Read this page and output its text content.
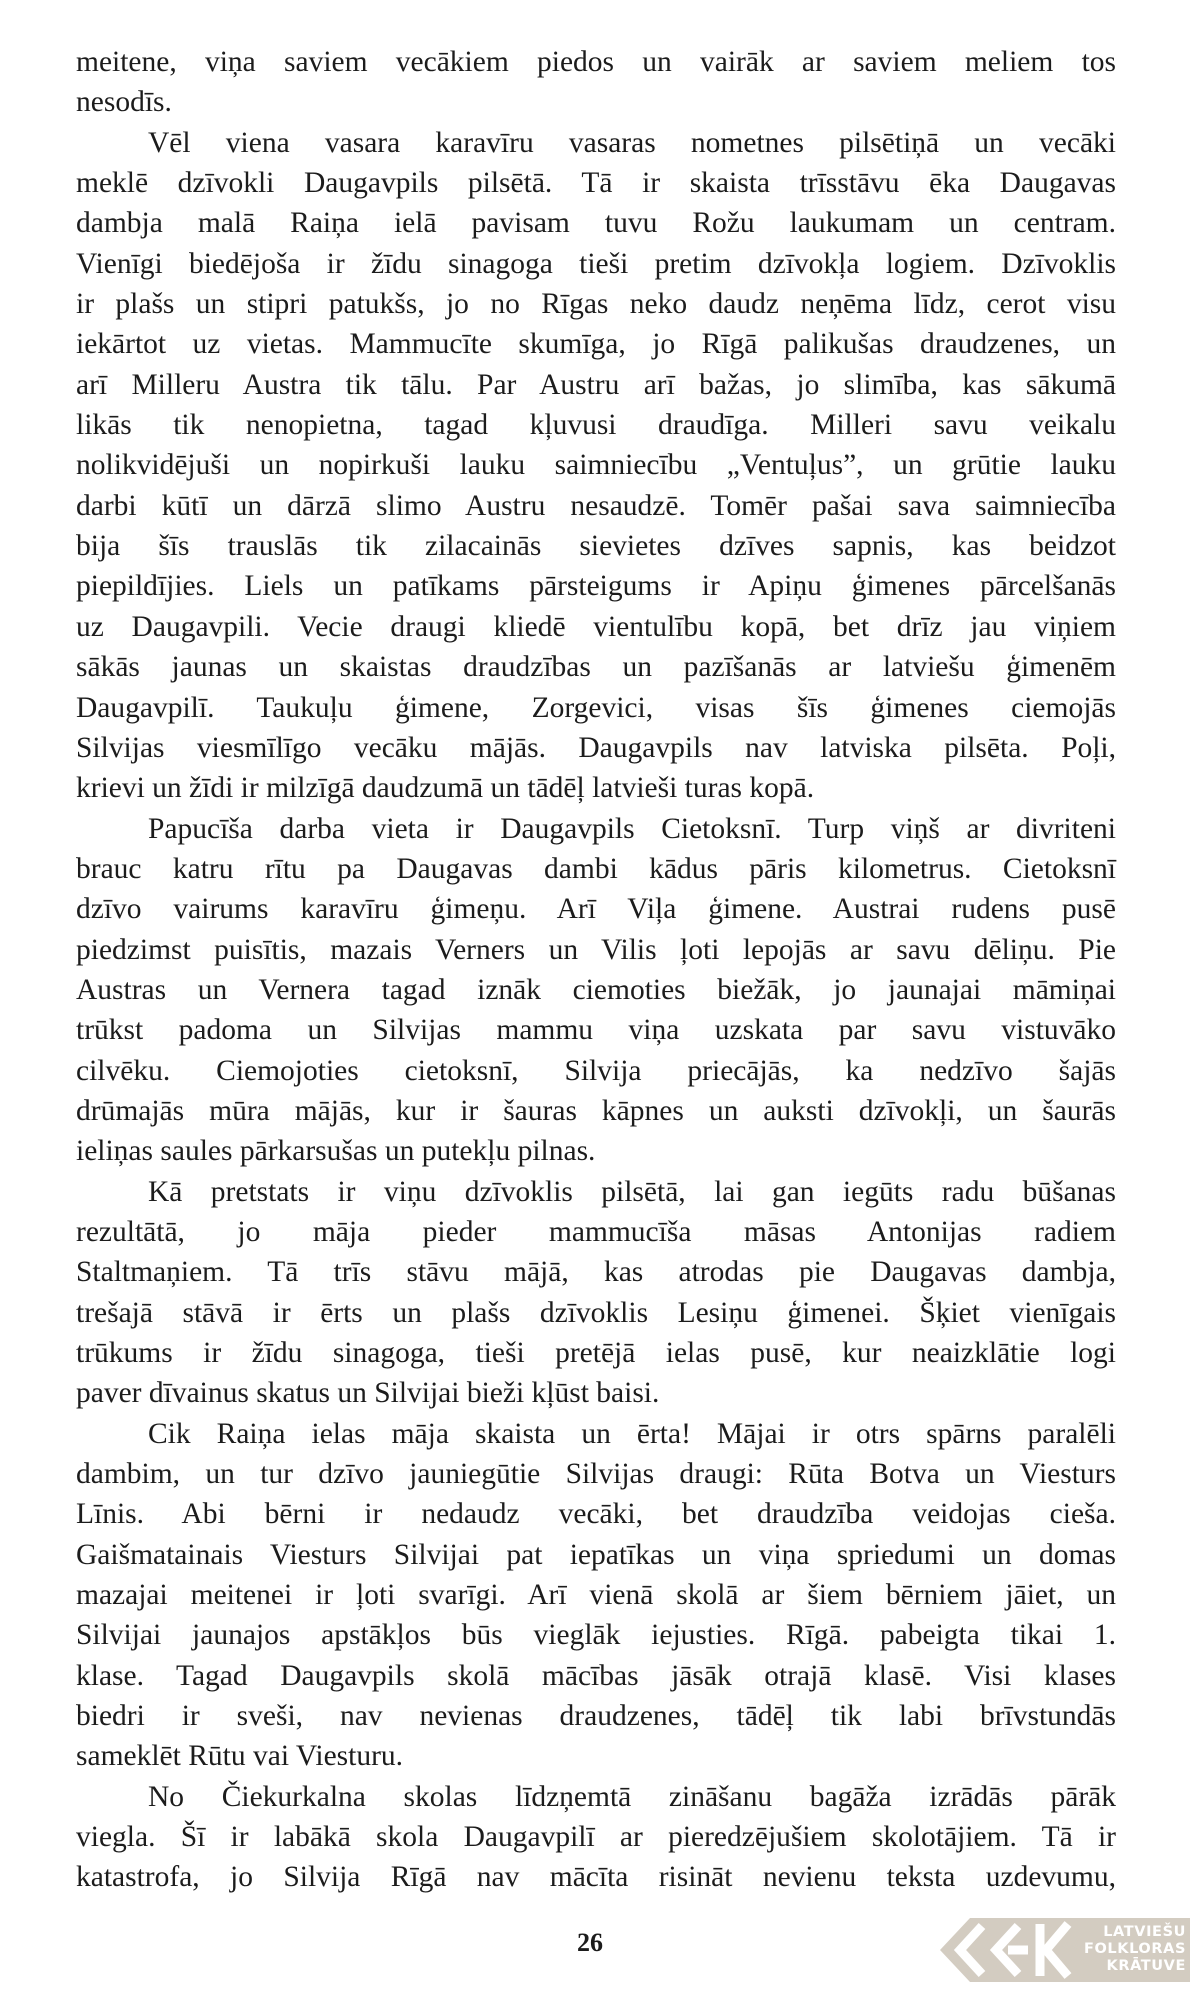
meitene, viņa saviem vecākiem piedos un vairāk ar saviem meliem tos
nesodīs.
Vēl viena vasara karavīru vasaras nometnes pilsētiņā un vecāki
meklē dzīvokli Daugavpils pilsētā. Tā ir skaista trīsstāvu ēka Daugavas
dambja malā Raiņa ielā pavisam tuvu Rožu laukumam un centram.
Vienīgi biedējoša ir žīdu sinagoga tieši pretim dzīvokļa logiem. Dzīvoklis
ir plašs un stipri patukšs, jo no Rīgas neko daudz neņēma līdz, cerot visu
iekārtot uz vietas. Mammucīte skumīga, jo Rīgā palikušas draudzenes, un
arī Milleru Austra tik tālu. Par Austru arī bažas, jo slimība, kas sākumā
likās tik nenopietna, tagad kļuvusi draudīga. Milleri savu veikalu
nolikvidējuši un nopirkuši lauku saimniecību „Ventuļus”, un grūtie lauku
darbi kūtī un dārzā slimo Austru nesaudzē. Tomēr pašai sava saimniecība
bija šīs trauslās tik zilacainās sievietes dzīves sapnis, kas beidzot
piepildījies. Liels un patīkams pārsteigums ir Apiņu ģimenes pārcelšanās
uz Daugavpili. Vecie draugi kliedē vientulību kopā, bet drīz jau viņiem
sākās jaunas un skaistas draudzības un pazīšanās ar latviešu ģimenēm
Daugavpilī. Taukuļu ģimene, Zorgevici, visas šīs ģimenes ciemojās
Silvijas viesmīlīgo vecāku mājās. Daugavpils nav latviska pilsēta. Poļi,
krievi un žīdi ir milzīgā daudzumā un tādēļ latvieši turas kopā.
Papucīša darba vieta ir Daugavpils Cietoksnī. Turp viņš ar divriteni
brauc katru rītu pa Daugavas dambi kādus pāris kilometrus. Cietoksnī
dzīvo vairums karavīru ģimeņu. Arī Viļa ģimene. Austrai rudens pusē
piedzimst puisītis, mazais Verners un Vilis ļoti lepojās ar savu dēliņu. Pie
Austras un Vernera tagad iznāk ciemoties biežāk, jo jaunajai māmiņai
trūkst padoma un Silvijas mammu viņa uzskata par savu vistuvāko
cilvēku. Ciemojoties cietoksnī, Silvija priecājās, ka nedzīvo šajās
drūmajās mūra mājās, kur ir šauras kāpnes un auksti dzīvokļi, un šaurās
ieliņas saules pārkarsušas un putekļu pilnas.
Kā pretstats ir viņu dzīvoklis pilsētā, lai gan iegūts radu būšanas
rezultātā, jo māja pieder mammucīša māsas Antonijas radiem
Staltmaņiem. Tā trīs stāvu mājā, kas atrodas pie Daugavas dambja,
trešajā stāvā ir ērts un plašs dzīvoklis Lesiņu ģimenei. Šķiet vienīgais
trūkums ir žīdu sinagoga, tieši pretējā ielas pusē, kur neaizklātie logi
paver dīvainus skatus un Silvijai bieži kļūst baisi.
Cik Raiņa ielas māja skaista un ērta! Mājai ir otrs spārns paralēli
dambim, un tur dzīvo jauniegūtie Silvijas draugi: Rūta Botva un Viesturs
Līnis. Abi bērni ir nedaudz vecāki, bet draudzība veidojas cieša.
Gaišmatainais Viesturs Silvijai pat iepatīkas un viņa spriedumi un domas
mazajai meitenei ir ļoti svarīgi. Arī vienā skolā ar šiem bērniem jāiet, un
Silvijai jaunajos apstākļos būs vieglāk iejusties. Rīgā. pabeigta tikai 1.
klase. Tagad Daugavpils skolā mācības jāsāk otrajā klasē. Visi klases
biedri ir sveši, nav nevienas draudzenes, tādēļ tik labi brīvstundās
sameklēt Rūtu vai Viesturu.
No Čiekurkalna skolas līdzņemtā zināšanu bagāža izrādās pārāk
viegla. Šī ir labākā skola Daugavpilī ar pieredzējušiem skolotājiem. Tā ir
katastrofa, jo Silvija Rīgā nav mācīta risināt nevienu teksta uzdevumu,
26	LATVIEŠU
FOLKLORAS
KRĀTUVE
